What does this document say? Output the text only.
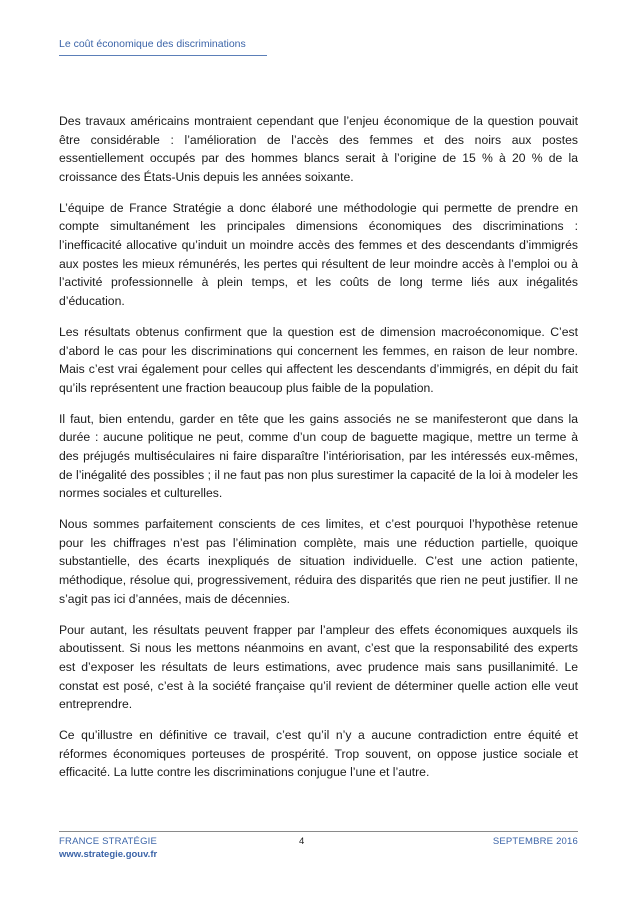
Le coût économique des discriminations

Des travaux américains montraient cependant que l’enjeu économique de la question pouvait être considérable : l’amélioration de l’accès des femmes et des noirs aux postes essentiellement occupés par des hommes blancs serait à l’origine de 15 % à 20 % de la croissance des États-Unis depuis les années soixante.

L’équipe de France Stratégie a donc élaboré une méthodologie qui permette de prendre en compte simultanément les principales dimensions économiques des discriminations : l’inefficacité allocative qu’induit un moindre accès des femmes et des descendants d’immigrés aux postes les mieux rémunérés, les pertes qui résultent de leur moindre accès à l’emploi ou à l’activité professionnelle à plein temps, et les coûts de long terme liés aux inégalités d’éducation.

Les résultats obtenus confirment que la question est de dimension macroéconomique. C’est d’abord le cas pour les discriminations qui concernent les femmes, en raison de leur nombre. Mais c’est vrai également pour celles qui affectent les descendants d’immigrés, en dépit du fait qu’ils représentent une fraction beaucoup plus faible de la population.

Il faut, bien entendu, garder en tête que les gains associés ne se manifesteront que dans la durée : aucune politique ne peut, comme d’un coup de baguette magique, mettre un terme à des préjugés multiséculaires ni faire disparaître l’intériorisation, par les intéressés eux-mêmes, de l’inégalité des possibles ; il ne faut pas non plus surestimer la capacité de la loi à modeler les normes sociales et culturelles.

Nous sommes parfaitement conscients de ces limites, et c’est pourquoi l’hypothèse retenue pour les chiffrages n’est pas l’élimination complète, mais une réduction partielle, quoique substantielle, des écarts inexpliqués de situation individuelle. C’est une action patiente, méthodique, résolue qui, progressivement, réduira des disparités que rien ne peut justifier. Il ne s’agit pas ici d’années, mais de décennies.

Pour autant, les résultats peuvent frapper par l’ampleur des effets économiques auxquels ils aboutissent. Si nous les mettons néanmoins en avant, c’est que la responsabilité des experts est d’exposer les résultats de leurs estimations, avec prudence mais sans pusillanimité. Le constat est posé, c’est à la société française qu’il revient de déterminer quelle action elle veut entreprendre.

Ce qu’illustre en définitive ce travail, c’est qu’il n’y a aucune contradiction entre équité et réformes économiques porteuses de prospérité. Trop souvent, on oppose justice sociale et efficacité. La lutte contre les discriminations conjugue l’une et l’autre.

FRANCE STRATÉGIE	4	SEPTEMBRE 2016
www.strategie.gouv.fr
